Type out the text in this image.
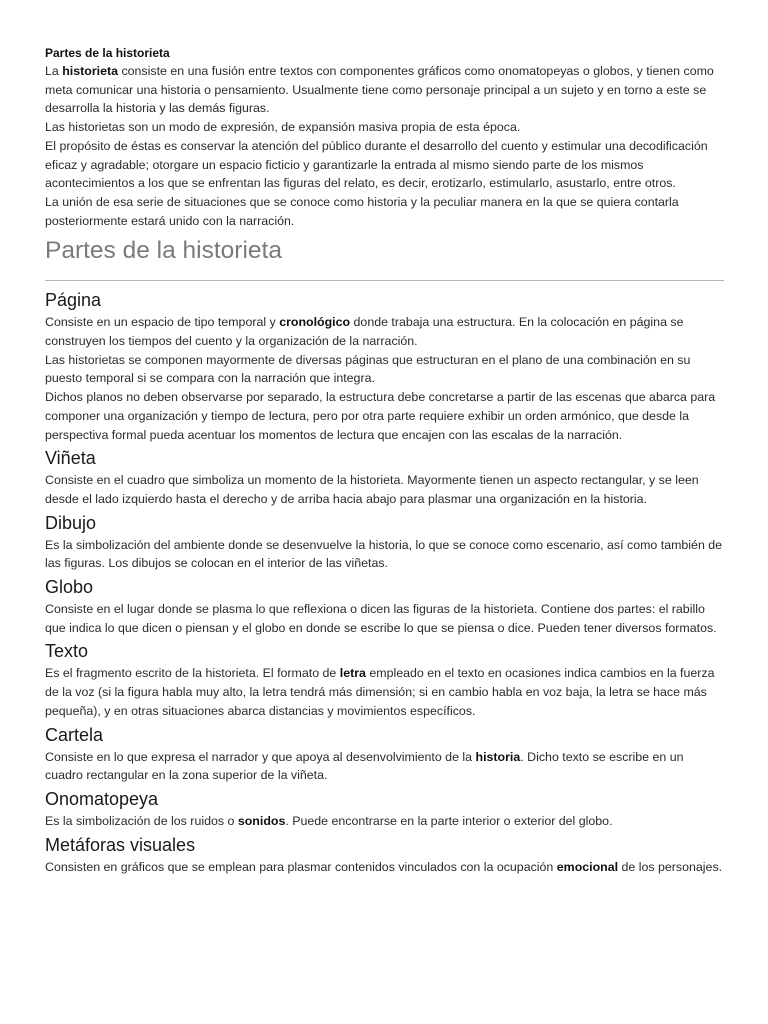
Partes de la historieta

La historieta consiste en una fusión entre textos con componentes gráficos como onomatopeyas o globos, y tienen como meta comunicar una historia o pensamiento. Usualmente tiene como personaje principal a un sujeto y en torno a este se desarrolla la historia y las demás figuras.

Las historietas son un modo de expresión, de expansión masiva propia de esta época.

El propósito de éstas es conservar la atención del público durante el desarrollo del cuento y estimular una decodificación eficaz y agradable; otorgare un espacio ficticio y garantizarle la entrada al mismo siendo parte de los mismos acontecimientos a los que se enfrentan las figuras del relato, es decir, erotizarlo, estimularlo, asustarlo, entre otros.

La unión de esa serie de situaciones que se conoce como historia y la peculiar manera en la que se quiera contarla posteriormente estará unido con la narración.

Partes de la historieta
Página

Consiste en un espacio de tipo temporal y cronológico donde trabaja una estructura. En la colocación en página se construyen los tiempos del cuento y la organización de la narración.

Las historietas se componen mayormente de diversas páginas que estructuran en el plano de una combinación en su puesto temporal si se compara con la narración que integra.

Dichos planos no deben observarse por separado, la estructura debe concretarse a partir de las escenas que abarca para componer una organización y tiempo de lectura, pero por otra parte requiere exhibir un orden armónico, que desde la perspectiva formal pueda acentuar los momentos de lectura que encajen con las escalas de la narración.

Viñeta

Consiste en el cuadro que simboliza un momento de la historieta. Mayormente tienen un aspecto rectangular, y se leen desde el lado izquierdo hasta el derecho y de arriba hacia abajo para plasmar una organización en la historia.

Dibujo

Es la simbolización del ambiente donde se desenvuelve la historia, lo que se conoce como escenario, así como también de las figuras. Los dibujos se colocan en el interior de las viñetas.

Globo

Consiste en el lugar donde se plasma lo que reflexiona o dicen las figuras de la historieta. Contiene dos partes: el rabillo que indica lo que dicen o piensan y el globo en donde se escribe lo que se piensa o dice. Pueden tener diversos formatos.

Texto

Es el fragmento escrito de la historieta. El formato de letra empleado en el texto en ocasiones indica cambios en la fuerza de la voz (si la figura habla muy alto, la letra tendrá más dimensión; si en cambio habla en voz baja, la letra se hace más pequeña), y en otras situaciones abarca distancias y movimientos específicos.

Cartela

Consiste en lo que expresa el narrador y que apoya al desenvolvimiento de la historia. Dicho texto se escribe en un cuadro rectangular en la zona superior de la viñeta.

Onomatopeya

Es la simbolización de los ruidos o sonidos. Puede encontrarse en la parte interior o exterior del globo.

Metáforas visuales

Consisten en gráficos que se emplean para plasmar contenidos vinculados con la ocupación emocional de los personajes.
